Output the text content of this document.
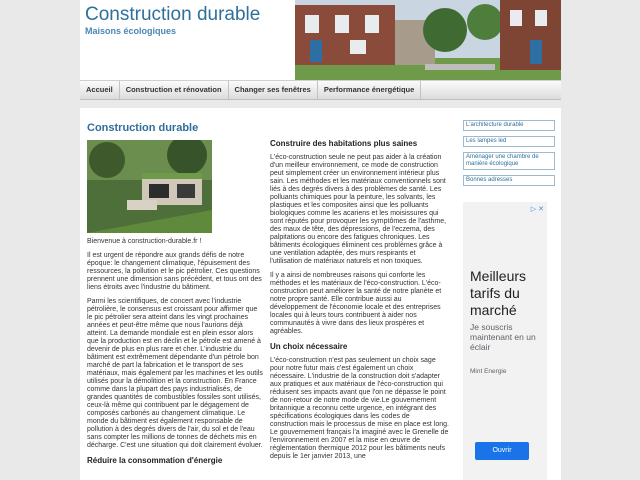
Construction durable
Maisons écologiques
Accueil	Construction et rénovation	Changer ses fenêtres	Performance énergétique
Construction durable

Bienvenue à construction-durable.fr !

Il est urgent de répondre aux grands défis de notre époque: le changement climatique, l'épuisement des ressources, la pollution et le pic pétrolier. Ces questions prennent une dimension sans précédent, et tous ont des liens étroits avec l'industrie du bâtiment.

Parmi les scientifiques, de concert avec l'industrie pétrolière, le consensus est croissant pour affirmer que le pic pétrolier sera atteint dans les vingt prochaines années et peut-être même que nous l'aurions déjà atteint. La demande mondiale est en plein essor alors que la production est en déclin et le pétrole est amené à devenir de plus en plus rare et cher. L'industrie du bâtiment est extrêmement dépendante d'un pétrole bon marché de part la fabrication et le transport de ses matériaux, mais également par les machines et les outils utilisés pour la démolition et la construction. En France comme dans la plupart des pays industrialisés, de grandes quantités de combustibles fossiles sont utilisés, ceux-là même qui contribuent par le dégagement de composés carbonés au changement climatique. Le monde du bâtiment est également responsable de pollution à des degrés divers de l'air, du sol et de l'eau sans compter les millions de tonnes de déchets mis en décharge. C'est une situation qui doit clairement évoluer.

Réduire la consommation d'énergie
Construire des habitations plus saines

L'éco-construction seule ne peut pas aider à la création d'un meilleur environnement, ce mode de construction peut simplement créer un environnement intérieur plus sain. Les méthodes et les matériaux conventionnels sont liés à des degrés divers à des problèmes de santé. Les polluants chimiques pour la peinture, les solvants, les plastiques et les composites ainsi que les polluants biologiques comme les acariens et les moisissures qui sont réputés pour provoquer les symptômes de l'asthme, des maux de tête, des dépressions, de l'eczema, des palpitations ou encore des fatigues chroniques. Les bâtiments écologiques éliminent ces problèmes grâce à une ventilation adaptée, des murs respirants et l'utilisation de matériaux naturels et non toxiques.

Il y a ainsi de nombreuses raisons qui conforte les méthodes et les matériaux de l'éco-construction. L'éco-construction peut améliorer la santé de notre planète et notre propre santé. Elle contribue aussi au développement de l'économie locale et des entreprises locales qui à leurs tours contribuent à aider nos communautés à vivre dans des lieux prospères et agréables.

Un choix nécessaire

L'éco-construction n'est pas seulement un choix sage pour notre futur mais c'est également un choix nécessaire. L'industrie de la construction doit s'adapter aux pratiques et aux matériaux de l'éco-construction qui réduisent ses impacts avant que l'on ne dépasse le point de non-retour de notre mode de vie.Le gouvernement britannique a reconnu cette urgence, en intégrant des spécifications écologiques dans les codes de construction mais le processus de mise en place est long. Le gouvernement français l'a imaginé avec le Grenelle de l'environnement en 2007 et la mise en œuvre de réglementation thermique 2012 pour les bâtiments neufs depuis le 1er janvier 2013, une

L'architecture durable
Les lampes led
Aménager une chambre de manière écologique
Bonnes adresses
▷ ✕
Meilleurs tarifs du marché
Je souscris maintenant en un éclair
Mint Energie
Ouvrir
